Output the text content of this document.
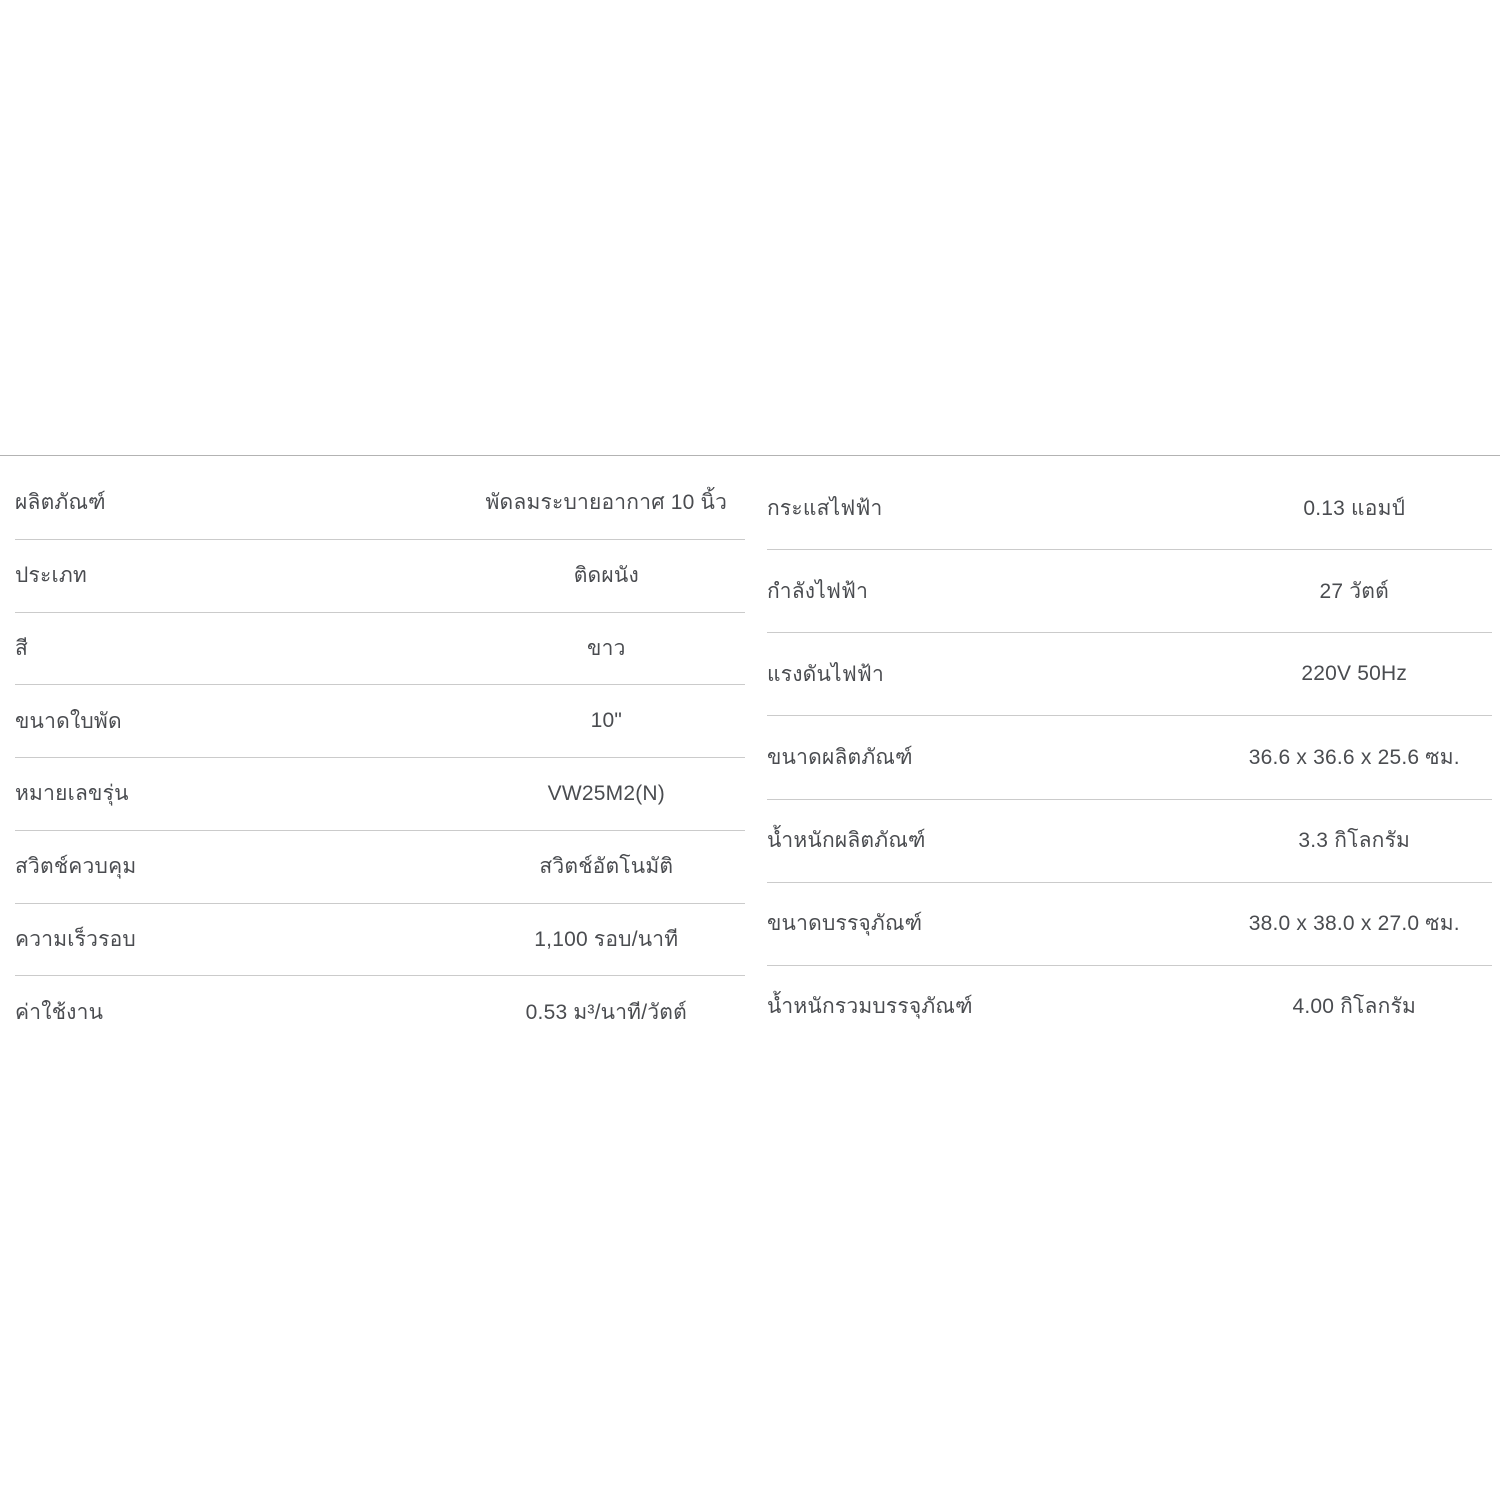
ผลิตภัณฑ์	พัดลมระบายอากาศ 10 นิ้ว
ประเภท	ติดผนัง
สี	ขาว
ขนาดใบพัด	10"
หมายเลขรุ่น	VW25M2(N)
สวิตช์ควบคุม	สวิตช์อัตโนมัติ
ความเร็วรอบ	1,100 รอบ/นาที
ค่าใช้งาน	0.53 ม³/นาที/วัตต์
กระแสไฟฟ้า	0.13 แอมป์
กำลังไฟฟ้า	27 วัตต์
แรงดันไฟฟ้า	220V 50Hz
ขนาดผลิตภัณฑ์	36.6 x 36.6 x 25.6 ซม.
น้ำหนักผลิตภัณฑ์	3.3 กิโลกรัม
ขนาดบรรจุภัณฑ์	38.0 x 38.0 x 27.0 ซม.
น้ำหนักรวมบรรจุภัณฑ์	4.00 กิโลกรัม
